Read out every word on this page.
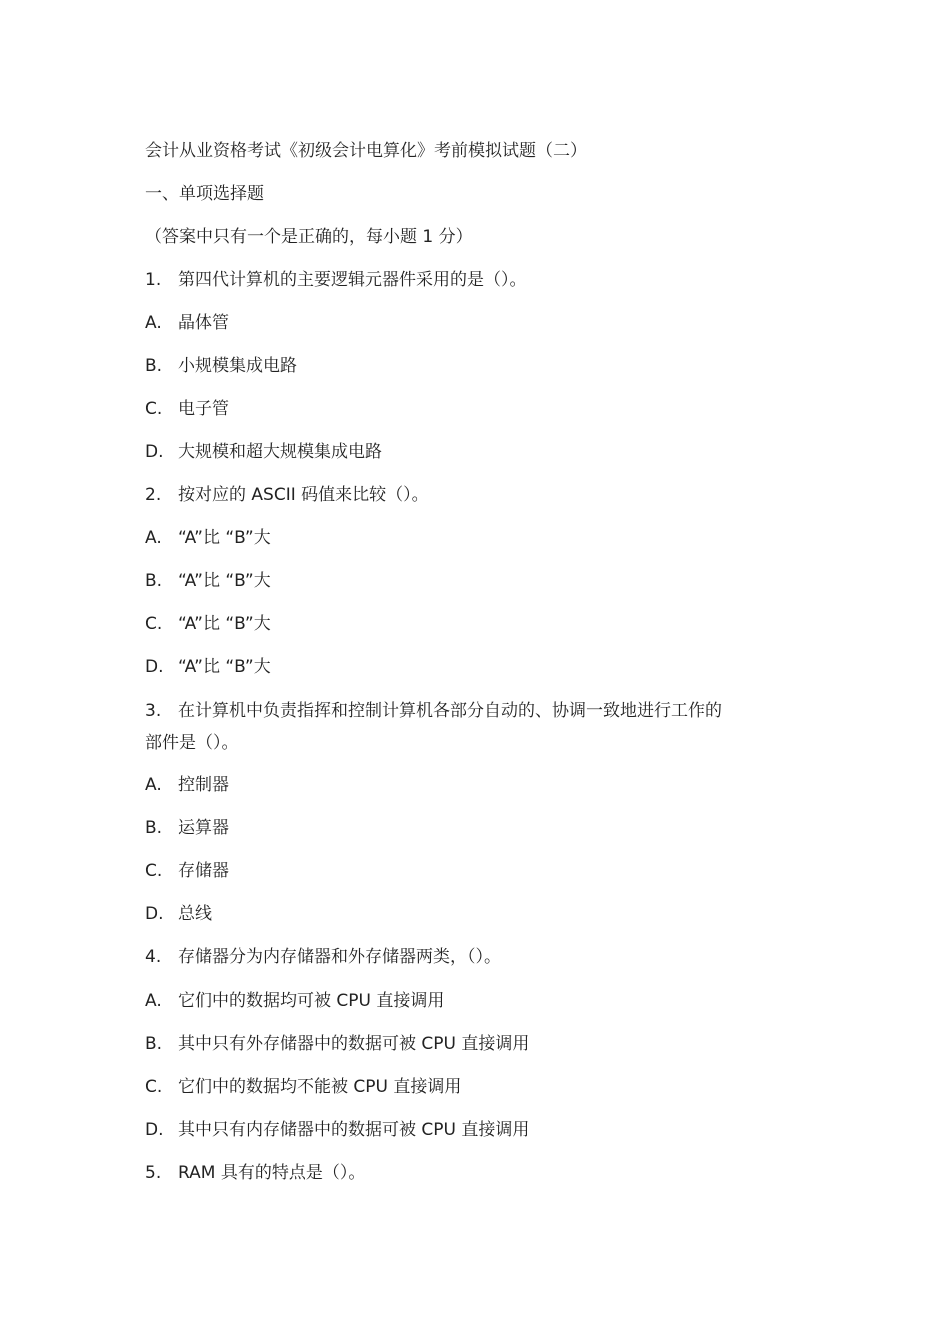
会计从业资格考试《初级会计电算化》考前模拟试题（二）
一、单项选择题
（答案中只有一个是正确的，每小题 1 分）
1. 第四代计算机的主要逻辑元器件采用的是（）。
A. 晶体管
B. 小规模集成电路
C. 电子管
D. 大规模和超大规模集成电路
2. 按对应的 ASCII 码值来比较（）。
A. “A”比 “B”大
B. “A”比 “B”大
C. “A”比 “B”大
D. “A”比 “B”大
3. 在计算机中负责指挥和控制计算机各部分自动的、协调一致地进行工作的
部件是（）。
A. 控制器
B. 运算器
C. 存储器
D. 总线
4. 存储器分为内存储器和外存储器两类，（）。
A. 它们中的数据均可被 CPU 直接调用
B. 其中只有外存储器中的数据可被 CPU 直接调用
C. 它们中的数据均不能被 CPU 直接调用
D. 其中只有内存储器中的数据可被 CPU 直接调用
5. RAM 具有的特点是（）。
